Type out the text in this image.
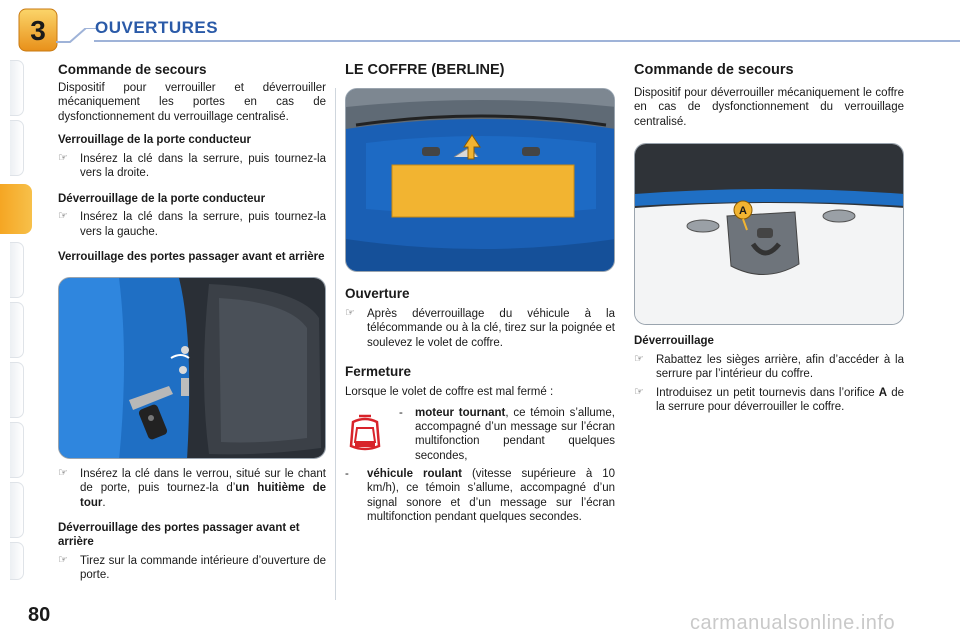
3	OUVERTURES
Commande de secours

Dispositif pour verrouiller et déverrouiller mécaniquement les portes en cas de dysfonctionnement du verrouillage centralisé.

Verrouillage de la porte conducteur
☞	Insérez la clé dans la serrure, puis tournez-la vers la droite.
Déverrouillage de la porte conducteur
☞	Insérez la clé dans la serrure, puis tournez-la vers la gauche.
Verrouillage des portes passager avant et arrière
☞	Insérez la clé dans le verrou, situé sur le chant de porte, puis tournez-la d’un huitième de tour.
Déverrouillage des portes passager avant et arrière
☞	Tirez sur la commande intérieure d’ouverture de porte.
LE COFFRE (BERLINE)
Ouverture
☞	Après déverrouillage du véhicule à la télécommande ou à la clé, tirez sur la poignée et soulevez le volet de coffre.
Fermeture

Lorsque le volet de coffre est mal fermé :

-	moteur tournant, ce témoin s’allume, accompagné d’un message sur l’écran multifonction pendant quelques secondes,
-	véhicule roulant (vitesse supérieure à 10 km/h), ce témoin s’allume, accompagné d’un signal sonore et d’un message sur l’écran multifonction pendant quelques secondes.
Commande de secours

Dispositif pour déverrouiller mécaniquement le coffre en cas de dysfonctionnement du verrouillage centralisé.

A
Déverrouillage
☞	Rabattez les sièges arrière, afin d’accéder à la serrure par l’intérieur du coffre.
☞	Introduisez un petit tournevis dans l’orifice A de la serrure pour déverrouiller le coffre.
80	carmanualsonline.info
